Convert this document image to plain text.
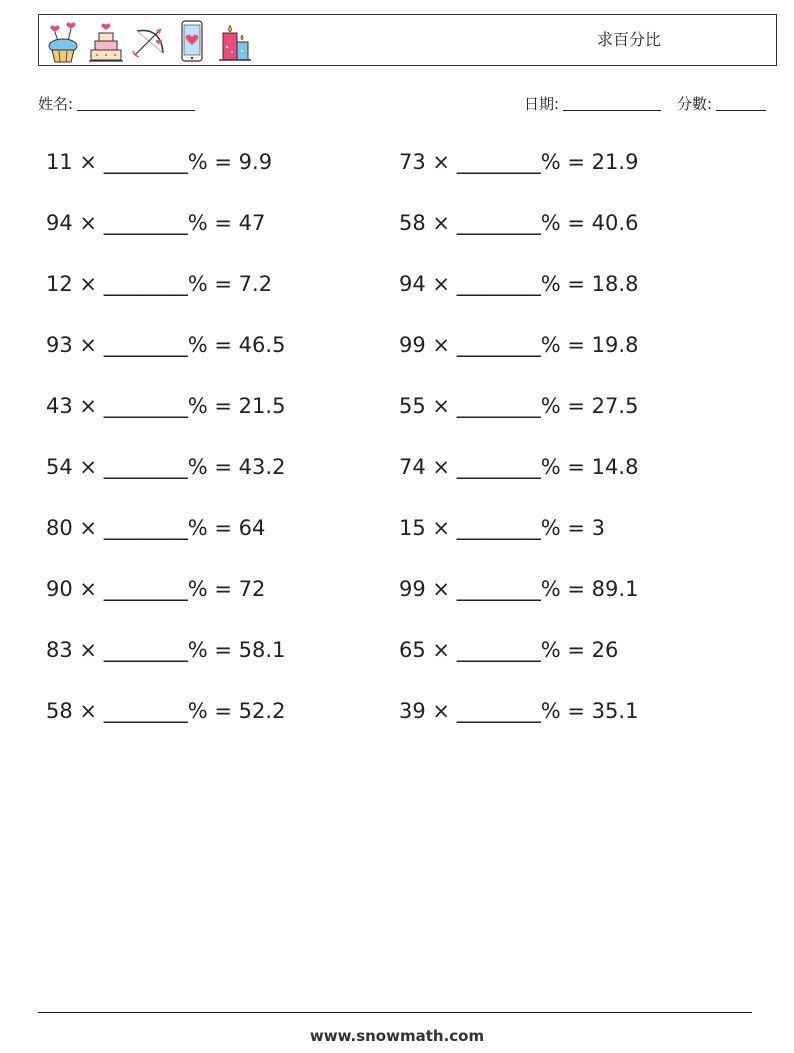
求百分比
姓名:	日期:	分數:
11 × ________% = 9.9	73 × ________% = 21.9
94 × ________% = 47	58 × ________% = 40.6
12 × ________% = 7.2	94 × ________% = 18.8
93 × ________% = 46.5	99 × ________% = 19.8
43 × ________% = 21.5	55 × ________% = 27.5
54 × ________% = 43.2	74 × ________% = 14.8
80 × ________% = 64	15 × ________% = 3
90 × ________% = 72	99 × ________% = 89.1
83 × ________% = 58.1	65 × ________% = 26
58 × ________% = 52.2	39 × ________% = 35.1
www.snowmath.com
